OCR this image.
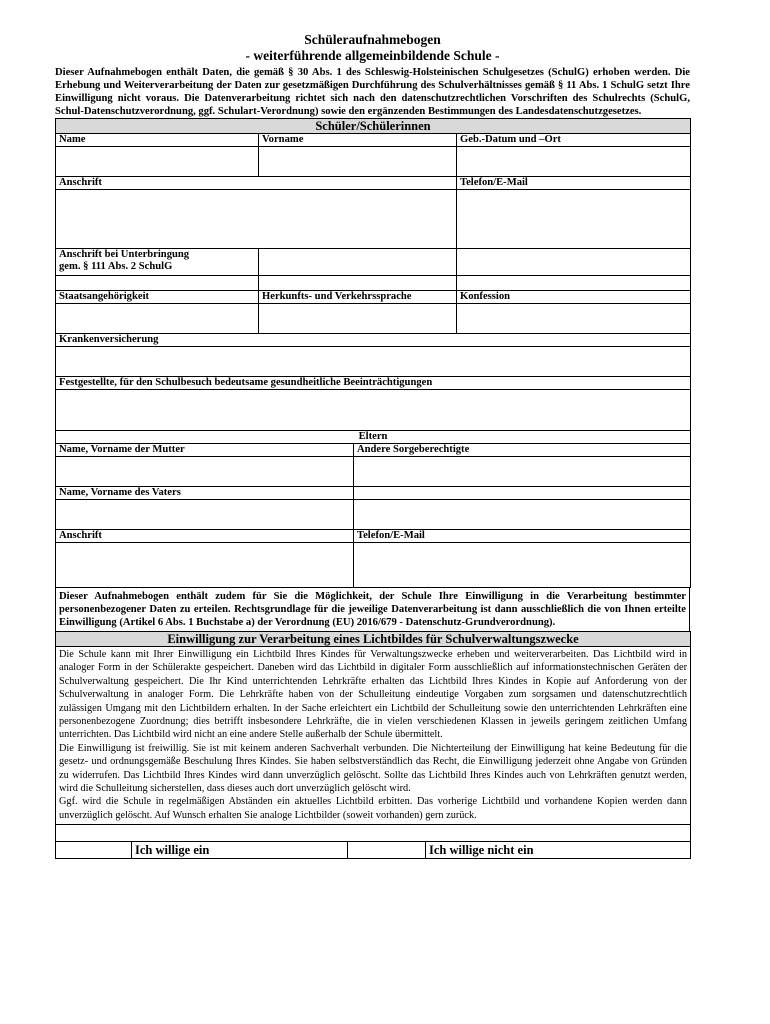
Schüleraufnahmebogen
- weiterführende allgemeinbildende Schule -
Dieser Aufnahmebogen enthält Daten, die gemäß § 30 Abs. 1 des Schleswig-Holsteinischen Schulgesetzes (SchulG) erhoben werden. Die Erhebung und Weiterverarbeitung der Daten zur gesetzmäßigen Durchführung des Schulverhältnisses gemäß § 11 Abs. 1 SchulG setzt Ihre Einwilligung nicht voraus. Die Datenverarbeitung richtet sich nach den datenschutzrechtlichen Vorschriften des Schulrechts (SchulG, Schul-Datenschutzverordnung, ggf. Schulart-Verordnung) sowie den ergänzenden Bestimmungen des Landesdatenschutzgesetzes.
Schüler/Schülerinnen		
Name	Vorname	Geb.-Datum und –Ort

Anschrift		Telefon/E-Mail

Anschrift bei Unterbringung
gem. § 111 Abs. 2 SchulG		

Staatsangehörigkeit	Herkunfts- und Verkehrssprache	Konfession

Krankenversicherung		

Festgestellte, für den Schulbesuch bedeutsame gesundheitliche Beeinträchtigungen		

Eltern	
Name, Vorname der Mutter	Andere Sorgeberechtigte

Name, Vorname des Vaters	

Anschrift	Telefon/E-Mail

Dieser Aufnahmebogen enthält zudem für Sie die Möglichkeit, der Schule Ihre Einwilligung in die Verarbeitung bestimmter personenbezogener Daten zu erteilen. Rechtsgrundlage für die jeweilige Datenverarbeitung ist dann ausschließlich die von Ihnen erteilte Einwilligung (Artikel 6 Abs. 1 Buchstabe a) der Verordnung (EU) 2016/679 - Datenschutz-Grundverordnung).
Einwilligung zur Verarbeitung eines Lichtbildes für Schulverwaltungszwecke

Die Schule kann mit Ihrer Einwilligung ein Lichtbild Ihres Kindes für Verwaltungszwecke erheben und weiterverarbeiten. Das Lichtbild wird in analoger Form in der Schülerakte gespeichert. Daneben wird das Lichtbild in digitaler Form ausschließlich auf informationstechnischen Geräten der Schulverwaltung gespeichert. Die Ihr Kind unterrichtenden Lehrkräfte erhalten das Lichtbild Ihres Kindes in Kopie auf Anforderung von der Schulverwaltung in analoger Form. Die Lehrkräfte haben von der Schulleitung eindeutige Vorgaben zum sorgsamen und datenschutzrechtlich zulässigen Umgang mit den Lichtbildern erhalten. In der Sache erleichtert ein Lichtbild der Schulleitung sowie den unterrichtenden Lehrkräften eine personenbezogene Zuordnung; dies betrifft insbesondere Lehrkräfte, die in vielen verschiedenen Klassen in jeweils geringem zeitlichen Umfang unterrichten. Das Lichtbild wird nicht an eine andere Stelle außerhalb der Schule übermittelt.
Die Einwilligung ist freiwillig. Sie ist mit keinem anderen Sachverhalt verbunden. Die Nichterteilung der Einwilligung hat keine Bedeutung für die gesetz- und ordnungsgemäße Beschulung Ihres Kindes. Sie haben selbstverständlich das Recht, die Einwilligung jederzeit ohne Angabe von Gründen zu widerrufen. Das Lichtbild Ihres Kindes wird dann unverzüglich gelöscht. Sollte das Lichtbild Ihres Kindes auch von Lehrkräften genutzt werden, wird die Schulleitung sicherstellen, dass dieses auch dort unverzüglich gelöscht wird.
Ggf. wird die Schule in regelmäßigen Abständen ein aktuelles Lichtbild erbitten. Das vorherige Lichtbild und vorhandene Kopien werden dann unverzüglich gelöscht. Auf Wunsch erhalten Sie analoge Lichtbilder (soweit vorhanden) gern zurück.

	Ich willige ein		Ich willige nicht ein
